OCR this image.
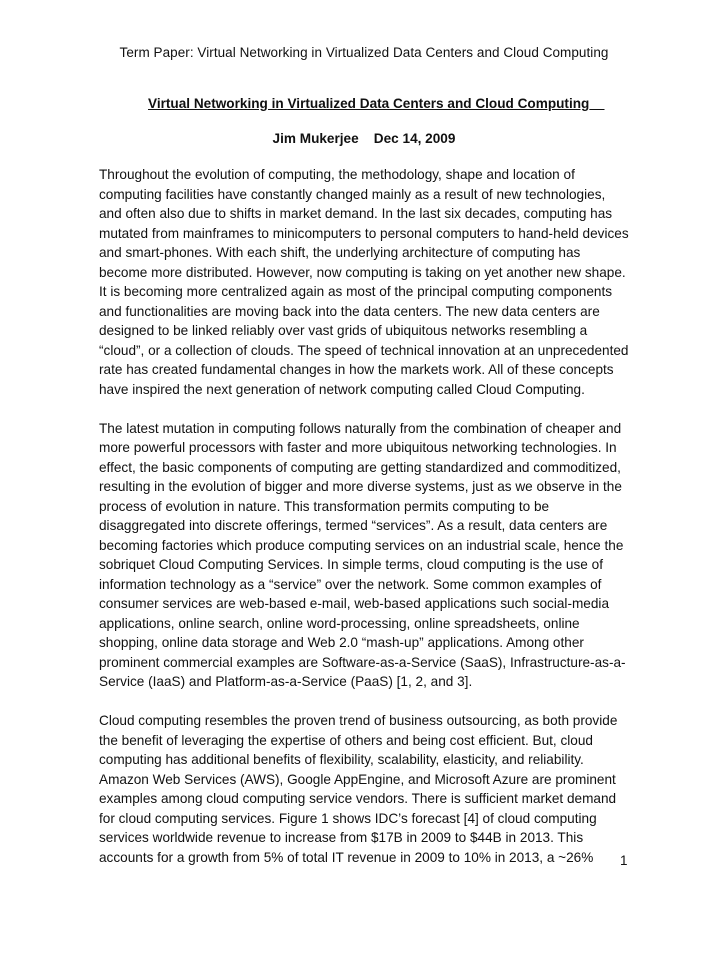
Term Paper: Virtual Networking in Virtualized Data Centers and Cloud Computing
Virtual Networking in Virtualized Data Centers and Cloud Computing__
Jim Mukerjee Dec 14, 2009

Throughout the evolution of computing, the methodology, shape and location of computing facilities have constantly changed mainly as a result of new technologies, and often also due to shifts in market demand. In the last six decades, computing has mutated from mainframes to minicomputers to personal computers to hand-held devices and smart-phones. With each shift, the underlying architecture of computing has become more distributed. However, now computing is taking on yet another new shape. It is becoming more centralized again as most of the principal computing components and functionalities are moving back into the data centers. The new data centers are designed to be linked reliably over vast grids of ubiquitous networks resembling a “cloud”, or a collection of clouds. The speed of technical innovation at an unprecedented rate has created fundamental changes in how the markets work. All of these concepts have inspired the next generation of network computing called Cloud Computing.

The latest mutation in computing follows naturally from the combination of cheaper and more powerful processors with faster and more ubiquitous networking technologies. In effect, the basic components of computing are getting standardized and commoditized, resulting in the evolution of bigger and more diverse systems, just as we observe in the process of evolution in nature. This transformation permits computing to be disaggregated into discrete offerings, termed “services”. As a result, data centers are becoming factories which produce computing services on an industrial scale, hence the sobriquet Cloud Computing Services. In simple terms, cloud computing is the use of information technology as a “service” over the network. Some common examples of consumer services are web-based e-mail, web-based applications such social-media applications, online search, online word-processing, online spreadsheets, online shopping, online data storage and Web 2.0 “mash-up” applications. Among other prominent commercial examples are Software-as-a-Service (SaaS), Infrastructure-as-a-Service (IaaS) and Platform-as-a-Service (PaaS) [1, 2, and 3].

Cloud computing resembles the proven trend of business outsourcing, as both provide the benefit of leveraging the expertise of others and being cost efficient. But, cloud computing has additional benefits of flexibility, scalability, elasticity, and reliability. Amazon Web Services (AWS), Google AppEngine, and Microsoft Azure are prominent examples among cloud computing service vendors. There is sufficient market demand for cloud computing services. Figure 1 shows IDC’s forecast [4] of cloud computing services worldwide revenue to increase from $17B in 2009 to $44B in 2013. This accounts for a growth from 5% of total IT revenue in 2009 to 10% in 2013, a ~26%	1
